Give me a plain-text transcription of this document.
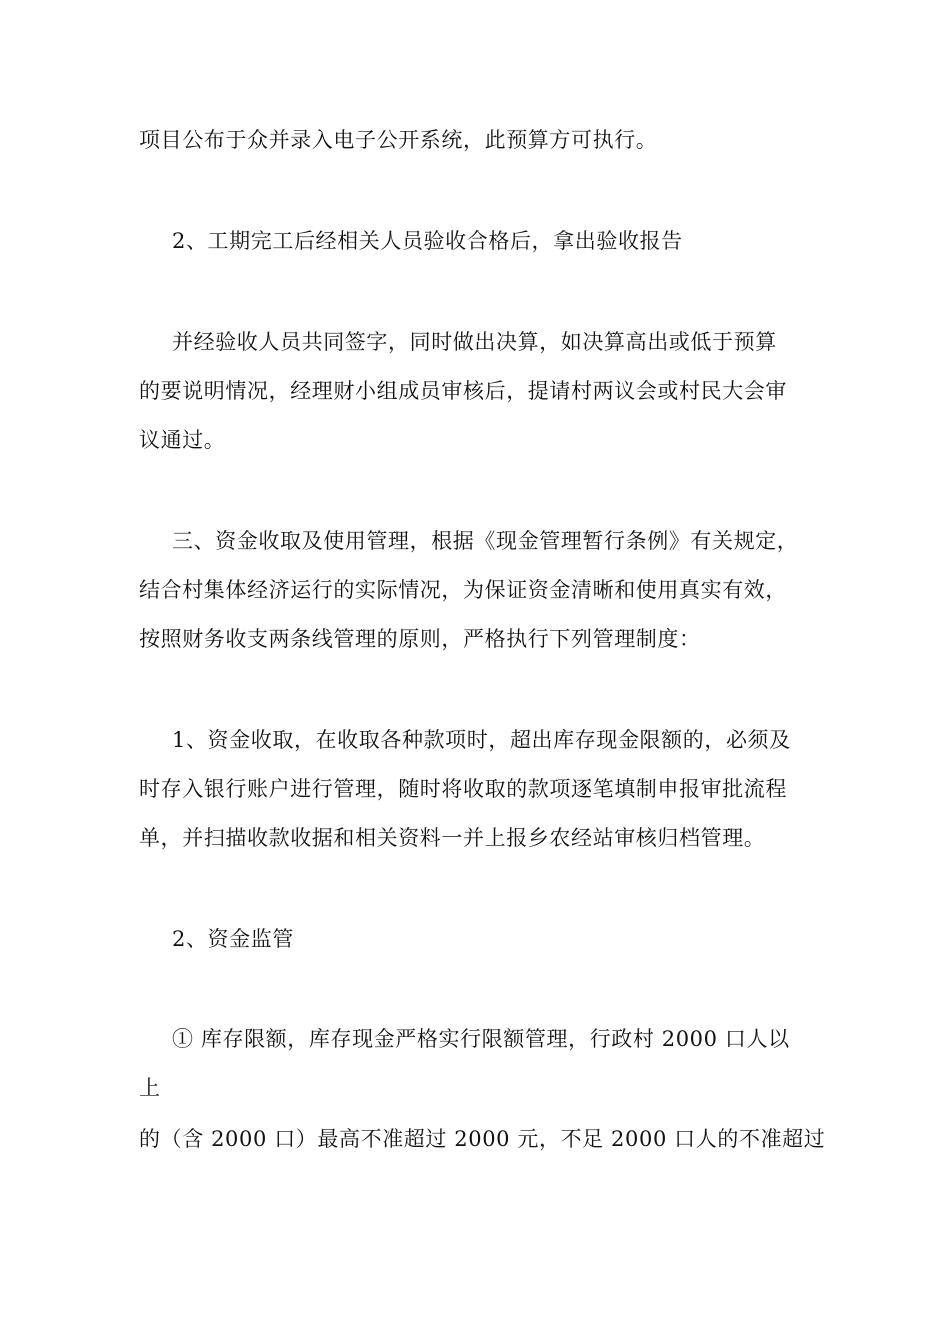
项目公布于众并录入电子公开系统，此预算方可执行。
2、工期完工后经相关人员验收合格后，拿出验收报告
并经验收人员共同签字，同时做出决算，如决算高出或低于预算
的要说明情况，经理财小组成员审核后，提请村两议会或村民大会审
议通过。
三、资金收取及使用管理，根据《现金管理暂行条例》有关规定，
结合村集体经济运行的实际情况，为保证资金清晰和使用真实有效，
按照财务收支两条线管理的原则，严格执行下列管理制度：
1、资金收取，在收取各种款项时，超出库存现金限额的，必须及
时存入银行账户进行管理，随时将收取的款项逐笔填制申报审批流程
单，并扫描收款收据和相关资料一并上报乡农经站审核归档管理。
2、资金监管
① 库存限额，库存现金严格实行限额管理，行政村 2000 口人以
上
的（含 2000 口）最高不准超过 2000 元，不足 2000 口人的不准超过
